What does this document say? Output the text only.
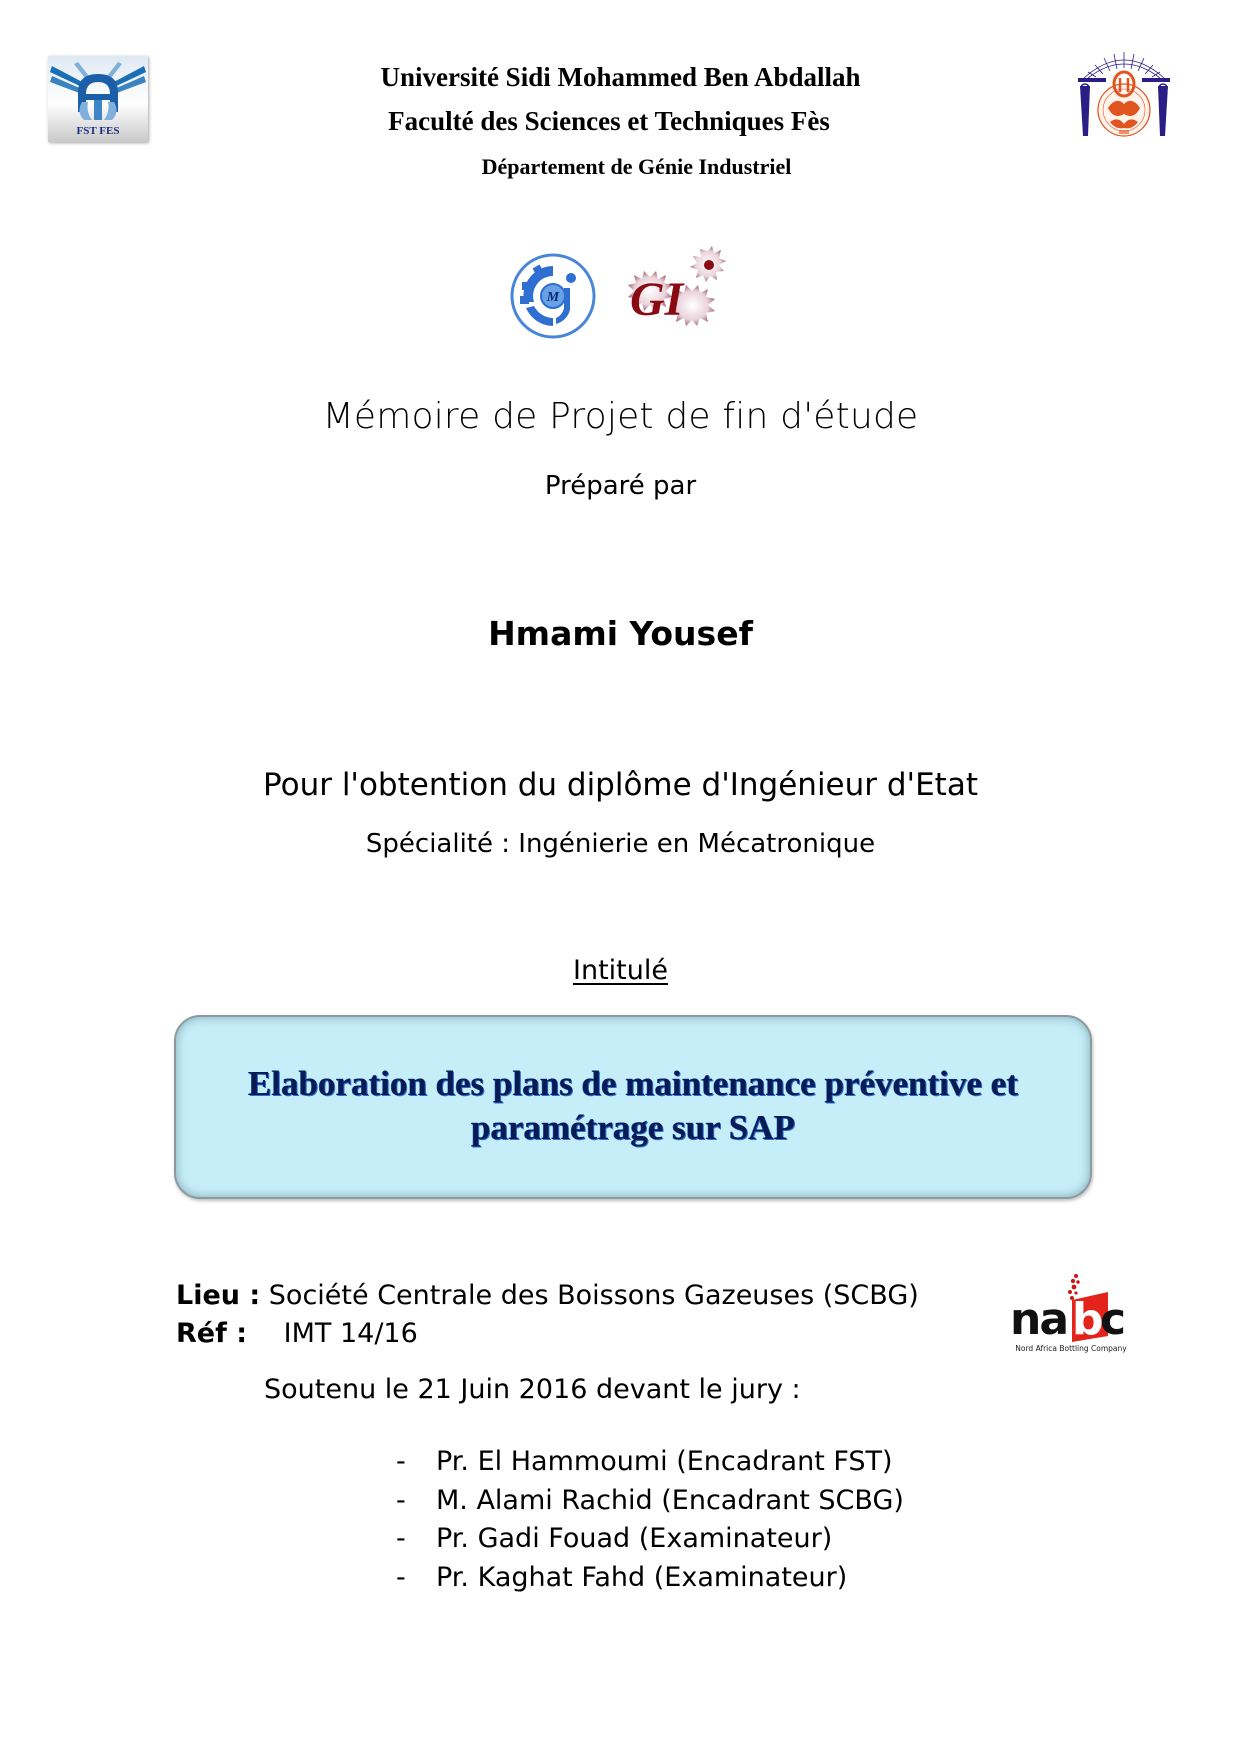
Université Sidi Mohammed Ben Abdallah
Faculté des Sciences et Techniques Fès
Département de Génie Industriel
FST FES
M GI
Mémoire de Projet de fin d'étude
Préparé par
Hmami Yousef
Pour l'obtention du diplôme d'Ingénieur d'Etat
Spécialité : Ingénierie en Mécatronique
Intitulé
Elaboration des plans de maintenance préventive et
paramétrage sur SAP
Lieu : Société Centrale des Boissons Gazeuses (SCBG)
Réf : IMT 14/16	na b
c
Nord Africa Bottling Company
Soutenu le 21 Juin 2016 devant le jury :
-	Pr. El Hammoumi (Encadrant FST)
-	M. Alami Rachid (Encadrant SCBG)
-	Pr. Gadi Fouad (Examinateur)
-	Pr. Kaghat Fahd (Examinateur)
